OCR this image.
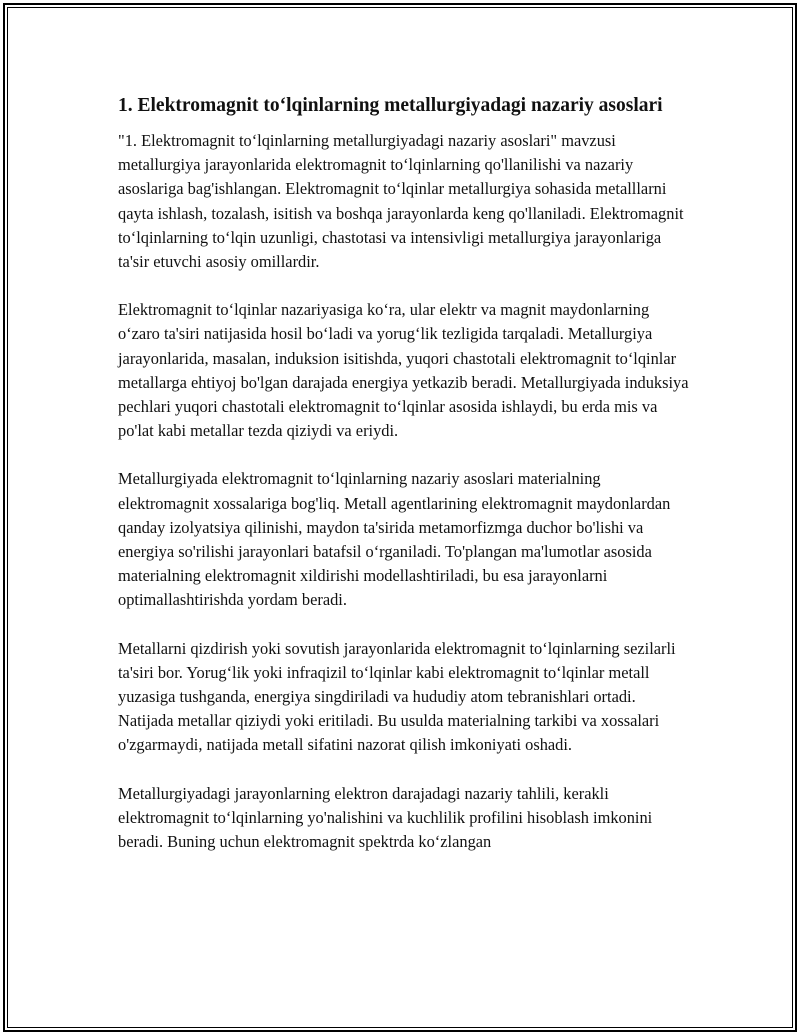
1. Elektromagnit to‘lqinlarning metallurgiyadagi nazariy asoslari

"1. Elektromagnit to‘lqinlarning metallurgiyadagi nazariy asoslari" mavzusi metallurgiya jarayonlarida elektromagnit to‘lqinlarning qo'llanilishi va nazariy asoslariga bag'ishlangan. Elektromagnit to‘lqinlar metallurgiya sohasida metalllarni qayta ishlash, tozalash, isitish va boshqa jarayonlarda keng qo'llaniladi. Elektromagnit to‘lqinlarning to‘lqin uzunligi, chastotasi va intensivligi metallurgiya jarayonlariga ta'sir etuvchi asosiy omillardir.

Elektromagnit to‘lqinlar nazariyasiga ko‘ra, ular elektr va magnit maydonlarning o‘zaro ta'siri natijasida hosil bo‘ladi va yorug‘lik tezligida tarqaladi. Metallurgiya jarayonlarida, masalan, induksion isitishda, yuqori chastotali elektromagnit to‘lqinlar metallarga ehtiyoj bo'lgan darajada energiya yetkazib beradi. Metallurgiyada induksiya pechlari yuqori chastotali elektromagnit to‘lqinlar asosida ishlaydi, bu erda mis va po'lat kabi metallar tezda qiziydi va eriydi.

Metallurgiyada elektromagnit to‘lqinlarning nazariy asoslari materialning elektromagnit xossalariga bog'liq. Metall agentlarining elektromagnit maydonlardan qanday izolyatsiya qilinishi, maydon ta'sirida metamorfizmga duchor bo'lishi va energiya so'rilishi jarayonlari batafsil o‘rganiladi. To'plangan ma'lumotlar asosida materialning elektromagnit xildirishi modellashtiriladi, bu esa jarayonlarni optimallashtirishda yordam beradi.

Metallarni qizdirish yoki sovutish jarayonlarida elektromagnit to‘lqinlarning sezilarli ta'siri bor. Yorug‘lik yoki infraqizil to‘lqinlar kabi elektromagnit to‘lqinlar metall yuzasiga tushganda, energiya singdiriladi va hududiy atom tebranishlari ortadi. Natijada metallar qiziydi yoki eritiladi. Bu usulda materialning tarkibi va xossalari o'zgarmaydi, natijada metall sifatini nazorat qilish imkoniyati oshadi.

Metallurgiyadagi jarayonlarning elektron darajadagi nazariy tahlili, kerakli elektromagnit to‘lqinlarning yo'nalishini va kuchlilik profilini hisoblash imkonini beradi. Buning uchun elektromagnit spektrda ko‘zlangan
